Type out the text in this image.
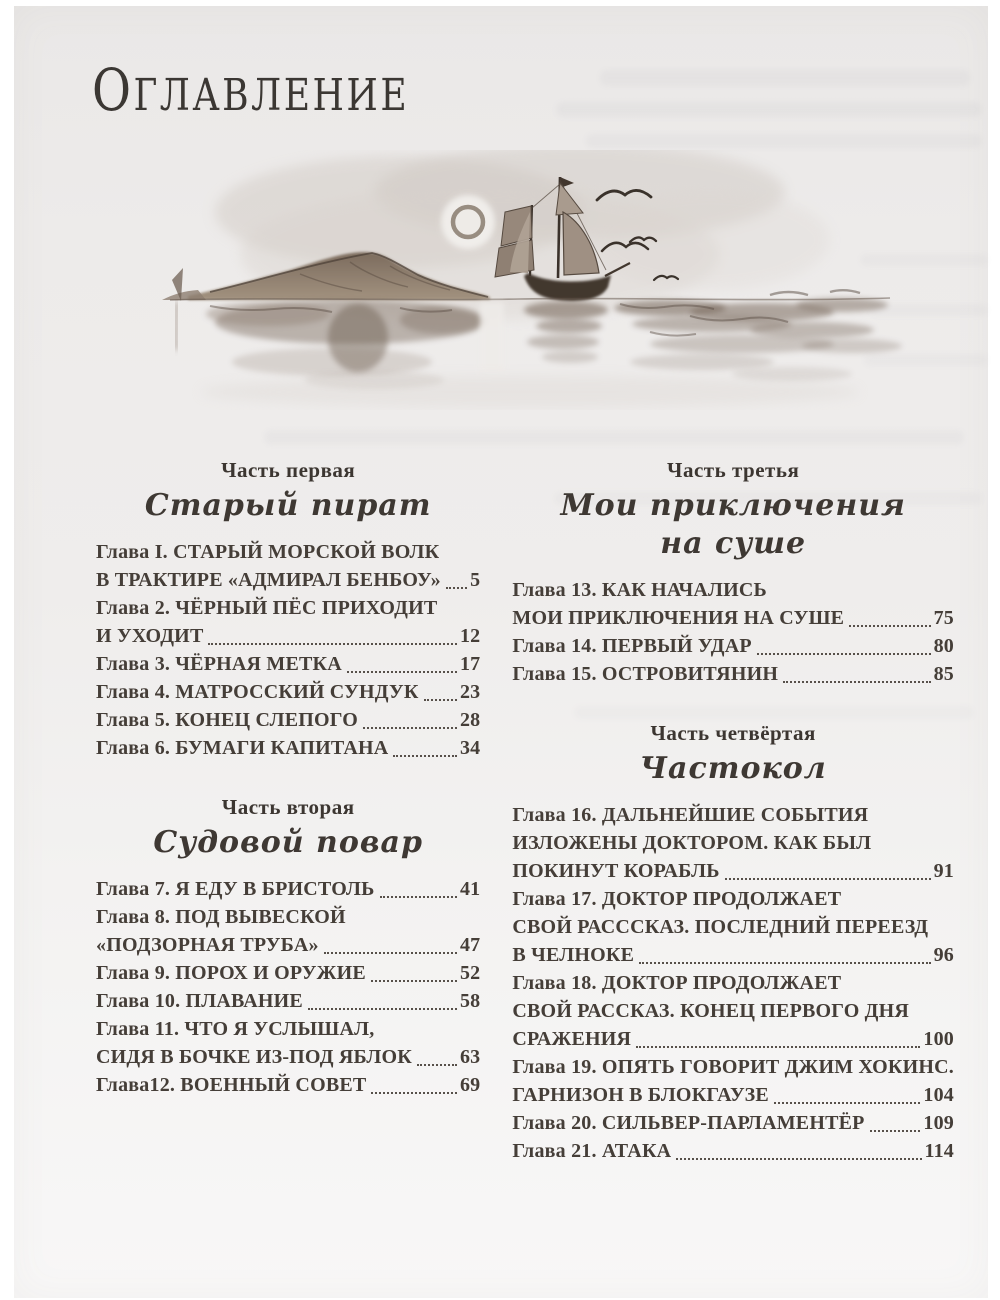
ОГЛАВЛЕНИЕ
Часть первая
Старый пират
Глава I. СТАРЫЙ МОРСКОЙ ВОЛК
В ТРАКТИРЕ «АДМИРАЛ БЕНБОУ» 5
Глава 2. ЧЁРНЫЙ ПЁС ПРИХОДИТ
И УХОДИТ	12
Глава 3. ЧЁРНАЯ МЕТКА	17
Глава 4. МАТРОССКИЙ СУНДУК 23
Глава 5. КОНЕЦ СЛЕПОГО	28
Глава 6. БУМАГИ КАПИТАНА	34
Часть вторая
Судовой повар
Глава 7. Я ЕДУ В БРИСТОЛЬ	41
Глава 8. ПОД ВЫВЕСКОЙ
«ПОДЗОРНАЯ ТРУБА»	47
Глава 9. ПОРОХ И ОРУЖИЕ	52
Глава 10. ПЛАВАНИЕ	58
Глава 11. ЧТО Я УСЛЫШАЛ,
СИДЯ В БОЧКЕ ИЗ-ПОД ЯБЛОК 63
Глава12. ВОЕННЫЙ СОВЕТ	69
Часть третья
Мои приключения
на суше
Глава 13. КАК НАЧАЛИСЬ
МОИ ПРИКЛЮЧЕНИЯ НА СУШЕ	75
Глава 14. ПЕРВЫЙ УДАР	80
Глава 15. ОСТРОВИТЯНИН	85
Часть четвёртая
Частокол
Глава 16. ДАЛЬНЕЙШИЕ СОБЫТИЯ
ИЗЛОЖЕНЫ ДОКТОРОМ. КАК БЫЛ
ПОКИНУТ КОРАБЛЬ	91
Глава 17. ДОКТОР ПРОДОЛЖАЕТ
СВОЙ РАСССКАЗ. ПОСЛЕДНИЙ ПЕРЕЕЗД
В ЧЕЛНОКЕ	96
Глава 18. ДОКТОР ПРОДОЛЖАЕТ
СВОЙ РАССКАЗ. КОНЕЦ ПЕРВОГО ДНЯ
СРАЖЕНИЯ	100
Глава 19. ОПЯТЬ ГОВОРИТ ДЖИМ ХОКИНС.
ГАРНИЗОН В БЛОКГАУЗЕ	104
Глава 20. СИЛЬВЕР-ПАРЛАМЕНТЁР	109
Глава 21. АТАКА	114
